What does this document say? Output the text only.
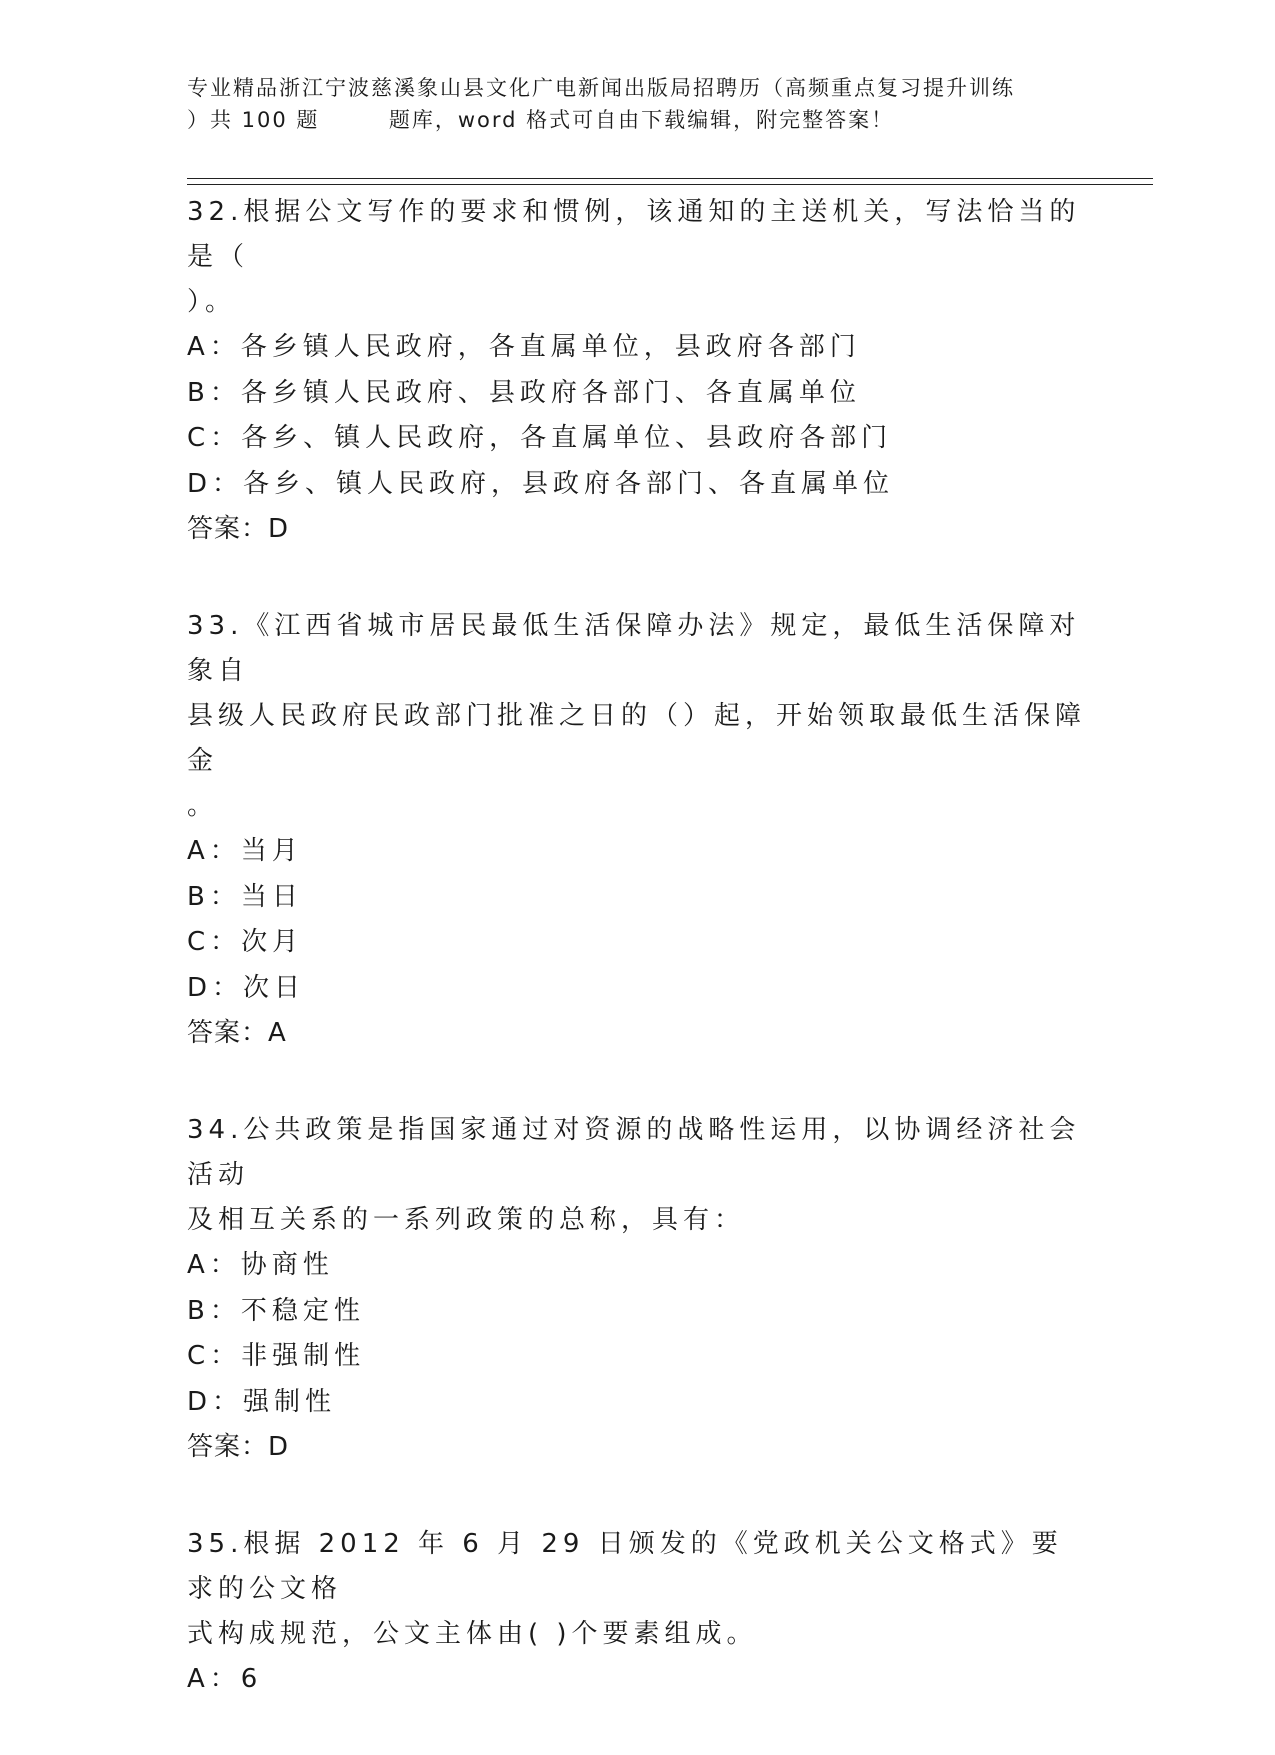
专业精品浙江宁波慈溪象山县文化广电新闻出版局招聘历（高频重点复习提升训练
）共 100 题        题库，word 格式可自由下载编辑，附完整答案！
32.根据公文写作的要求和惯例，该通知的主送机关，写法恰当的是（
）。
A：各乡镇人民政府，各直属单位，县政府各部门
B：各乡镇人民政府、县政府各部门、各直属单位
C：各乡、镇人民政府，各直属单位、县政府各部门
D：各乡、镇人民政府，县政府各部门、各直属单位
答案：D
33.《江西省城市居民最低生活保障办法》规定，最低生活保障对象自
县级人民政府民政部门批准之日的（）起，开始领取最低生活保障金
。
A：当月
B：当日
C：次月
D：次日
答案：A
34.公共政策是指国家通过对资源的战略性运用，以协调经济社会活动
及相互关系的一系列政策的总称，具有：
A：协商性
B：不稳定性
C：非强制性
D：强制性
答案：D
35.根据 2012 年 6 月 29 日颁发的《党政机关公文格式》要求的公文格
式构成规范，公文主体由( )个要素组成。
A：6
